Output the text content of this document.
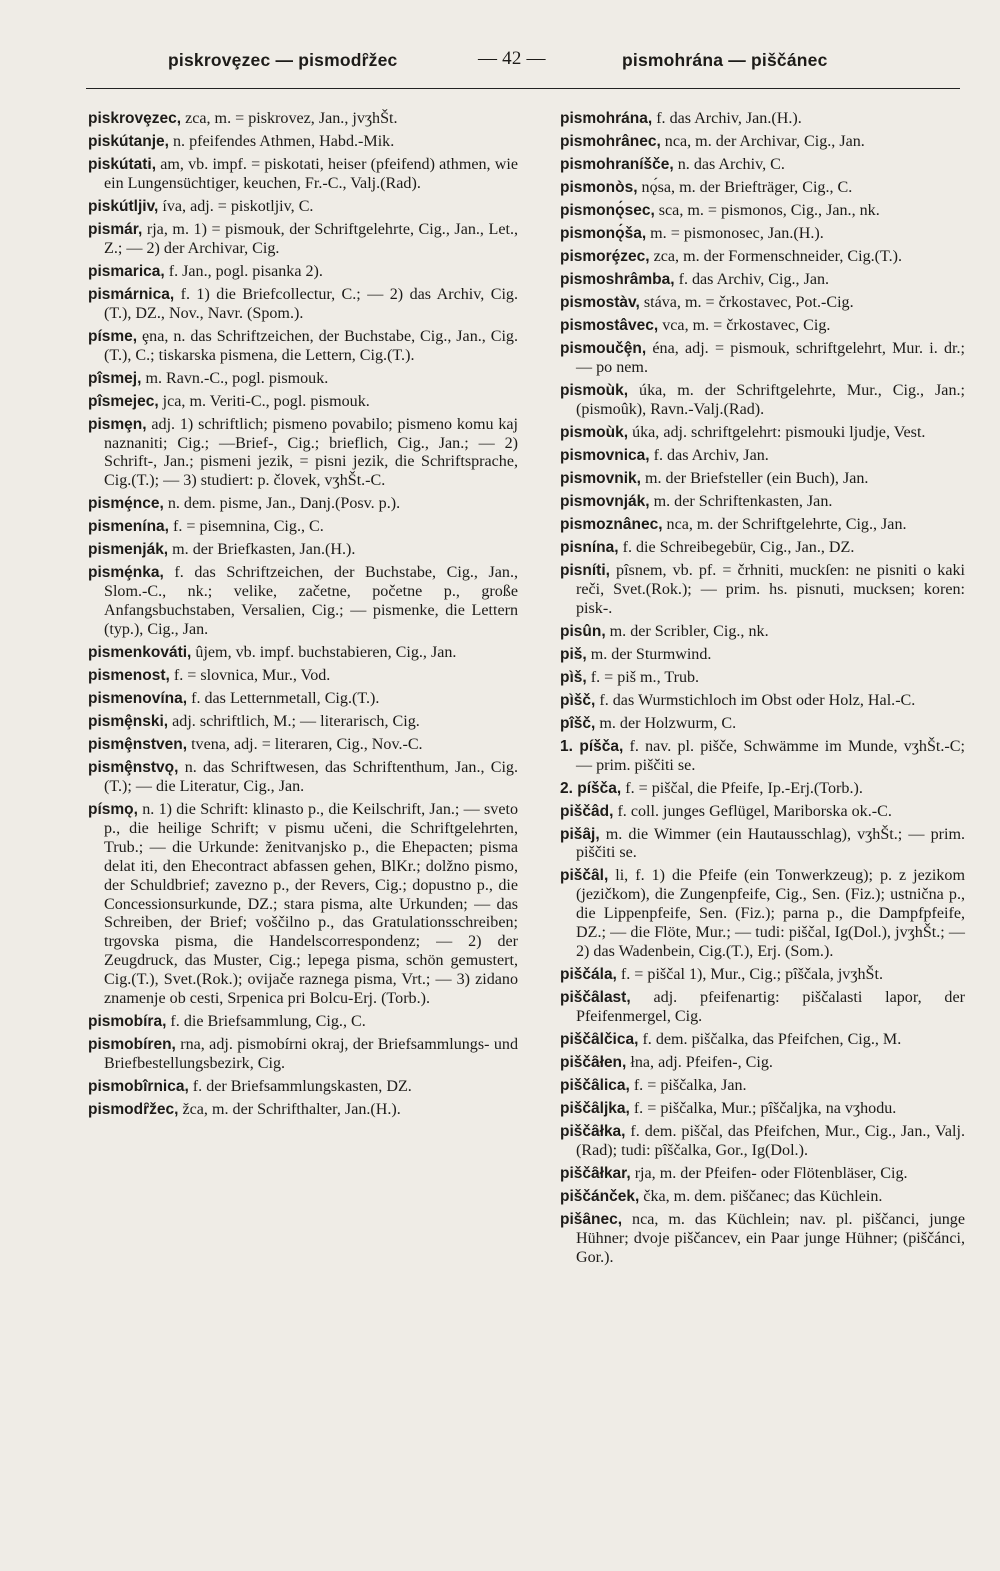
piskrovȩzec — pismodȓžec	— 42 —	pismohrána — piščánec

piskrovȩzec, zca, m. = piskrovez, Jan., jvʒhŠt.

piskútanje, n. pfeifendes Athmen, Habd.-Mik.

piskútati, am, vb. impf. = piskotati, heiser (pfeifend) athmen, wie ein Lungensüchtiger, keuchen, Fr.-C., Valj.(Rad).

piskútljiv, íva, adj. = piskotljiv, C.

pismár, rja, m. 1) = pismouk, der Schriftgelehrte, Cig., Jan., Let., Z.; — 2) der Archivar, Cig.

pismarica, f. Jan., pogl. pisanka 2).

pismárnica, f. 1) die Briefcollectur, C.; — 2) das Archiv, Cig.(T.), DZ., Nov., Navr. (Spom.).

písme, ȩna, n. das Schriftzeichen, der Buchstabe, Cig., Jan., Cig.(T.), C.; tiskarska pismena, die Lettern, Cig.(T.).

pîsmej, m. Ravn.-C., pogl. pismouk.

pîsmejec, jca, m. Veriti-C., pogl. pismouk.

pismȩn, adj. 1) schriftlich; pismeno povabilo; pismeno komu kaj naznaniti; Cig.; —Brief-, Cig.; brieflich, Cig., Jan.; — 2) Schrift-, Jan.; pismeni jezik, = pisni jezik, die Schriftsprache, Cig.(T.); — 3) studiert: p. človek, vʒhŠt.-C.

pismȩ́nce, n. dem. pisme, Jan., Danj.(Posv. p.).

pismenína, f. = pisemnina, Cig., C.

pismenják, m. der Briefkasten, Jan.(H.).

pismȩ́nka, f. das Schriftzeichen, der Buchstabe, Cig., Jan., Slom.-C., nk.; velike, začetne, početne p., große Anfangsbuchstaben, Versalien, Cig.; — pismenke, die Lettern (typ.), Cig., Jan.

pismenkováti, ûjem, vb. impf. buchstabieren, Cig., Jan.

pismenost, f. = slovnica, Mur., Vod.

pismenovína, f. das Letternmetall, Cig.(T.).

pismȩ̂nski, adj. schriftlich, M.; — literarisch, Cig.

pismȩ̂nstven, tvena, adj. = literaren, Cig., Nov.-C.

pismȩ̂nstvǫ, n. das Schriftwesen, das Schriftenthum, Jan., Cig.(T.); — die Literatur, Cig., Jan.

písmǫ, n. 1) die Schrift: klinasto p., die Keilschrift, Jan.; — sveto p., die heilige Schrift; v pismu učeni, die Schriftgelehrten, Trub.; — die Urkunde: ženitvanjsko p., die Ehepacten; pisma delat iti, den Ehecontract abfassen gehen, BlKr.; dolžno pismo, der Schuldbrief; zavezno p., der Revers, Cig.; dopustno p., die Concessionsurkunde, DZ.; stara pisma, alte Urkunden; — das Schreiben, der Brief; voščilno p., das Gratulationsschreiben; trgovska pisma, die Handelscorrespondenz; — 2) der Zeugdruck, das Muster, Cig.; lepega pisma, schön gemustert, Cig.(T.), Svet.(Rok.); ovijače raznega pisma, Vrt.; — 3) zidano znamenje ob cesti, Srpenica pri Bolcu-Erj. (Torb.).

pismobíra, f. die Briefsammlung, Cig., C.

pismobíren, rna, adj. pismobírni okraj, der Briefsammlungs- und Briefbestellungsbezirk, Cig.

pismobîrnica, f. der Briefsammlungskasten, DZ.

pismodȓžec, žca, m. der Schrifthalter, Jan.(H.).

pismohrána, f. das Archiv, Jan.(H.).

pismohrânec, nca, m. der Archivar, Cig., Jan.

pismohraníšče, n. das Archiv, C.

pismonòs, nǫ́sa, m. der Briefträger, Cig., C.

pismonǫ́sec, sca, m. = pismonos, Cig., Jan., nk.

pismonǫ́ša, m. = pismonosec, Jan.(H.).

pismorȩ́zec, zca, m. der Formenschneider, Cig.(T.).

pismoshrâmba, f. das Archiv, Cig., Jan.

pismostàv, stáva, m. = črkostavec, Pot.-Cig.

pismostâvec, vca, m. = črkostavec, Cig.

pismoučȩ̂n, éna, adj. = pismouk, schriftgelehrt, Mur. i. dr.; — po nem.

pismoùk, úka, m. der Schriftgelehrte, Mur., Cig., Jan.; (pismoûk), Ravn.-Valj.(Rad).

pismoùk, úka, adj. schriftgelehrt: pismouki ljudje, Vest.

pismovnica, f. das Archiv, Jan.

pismovnik, m. der Briefsteller (ein Buch), Jan.

pismovnják, m. der Schriftenkasten, Jan.

pismoznânec, nca, m. der Schriftgelehrte, Cig., Jan.

pisnína, f. die Schreibegebür, Cig., Jan., DZ.

pisníti, pîsnem, vb. pf. = črhniti, muckſen: ne pisniti o kaki reči, Svet.(Rok.); — prim. hs. pisnuti, mucksen; koren: pisk-.

pisûn, m. der Scribler, Cig., nk.

piš, m. der Sturmwind.

pìš, f. = piš m., Trub.

pìšč, f. das Wurmstichloch im Obst oder Holz, Hal.-C.

pîšč, m. der Holzwurm, C.

1. píšča, f. nav. pl. pišče, Schwämme im Munde, vʒhŠt.-C; — prim. piščiti se.

2. píšča, f. = piščal, die Pfeife, Ip.-Erj.(Torb.).

piščâd, f. coll. junges Geflügel, Mariborska ok.-C.

pišȃj, m. die Wimmer (ein Hautausschlag), vʒhŠt.; — prim. piščiti se.

piščȃl, li, f. 1) die Pfeife (ein Tonwerkzeug); p. z jezikom (jezičkom), die Zungenpfeife, Cig., Sen. (Fiz.); ustnična p., die Lippenpfeife, Sen. (Fiz.); parna p., die Dampfpfeife, DZ.; — die Flöte, Mur.; — tudi: piščal, Ig(Dol.), jvʒhŠt.; — 2) das Wadenbein, Cig.(T.), Erj. (Som.).

piščála, f. = piščal 1), Mur., Cig.; pîščala, jvʒhŠt.

piščȃlast, adj. pfeifenartig: piščalasti lapor, der Pfeifenmergel, Cig.

piščȃlčica, f. dem. piščalka, das Pfeifchen, Cig., M.

piščȃłen, łna, adj. Pfeifen-, Cig.

piščȃlica, f. = piščalka, Jan.

piščȃljka, f. = piščalka, Mur.; pîščaljka, na vʒhodu.

piščȃłka, f. dem. piščal, das Pfeifchen, Mur., Cig., Jan., Valj.(Rad); tudi: pîščalka, Gor., Ig(Dol.).

piščȃłkar, rja, m. der Pfeifen- oder Flötenbläser, Cig.

piščánček, čka, m. dem. piščanec; das Küchlein.

pišȃnec, nca, m. das Küchlein; nav. pl. piščanci, junge Hühner; dvoje piščancev, ein Paar junge Hühner; (piščánci, Gor.).
